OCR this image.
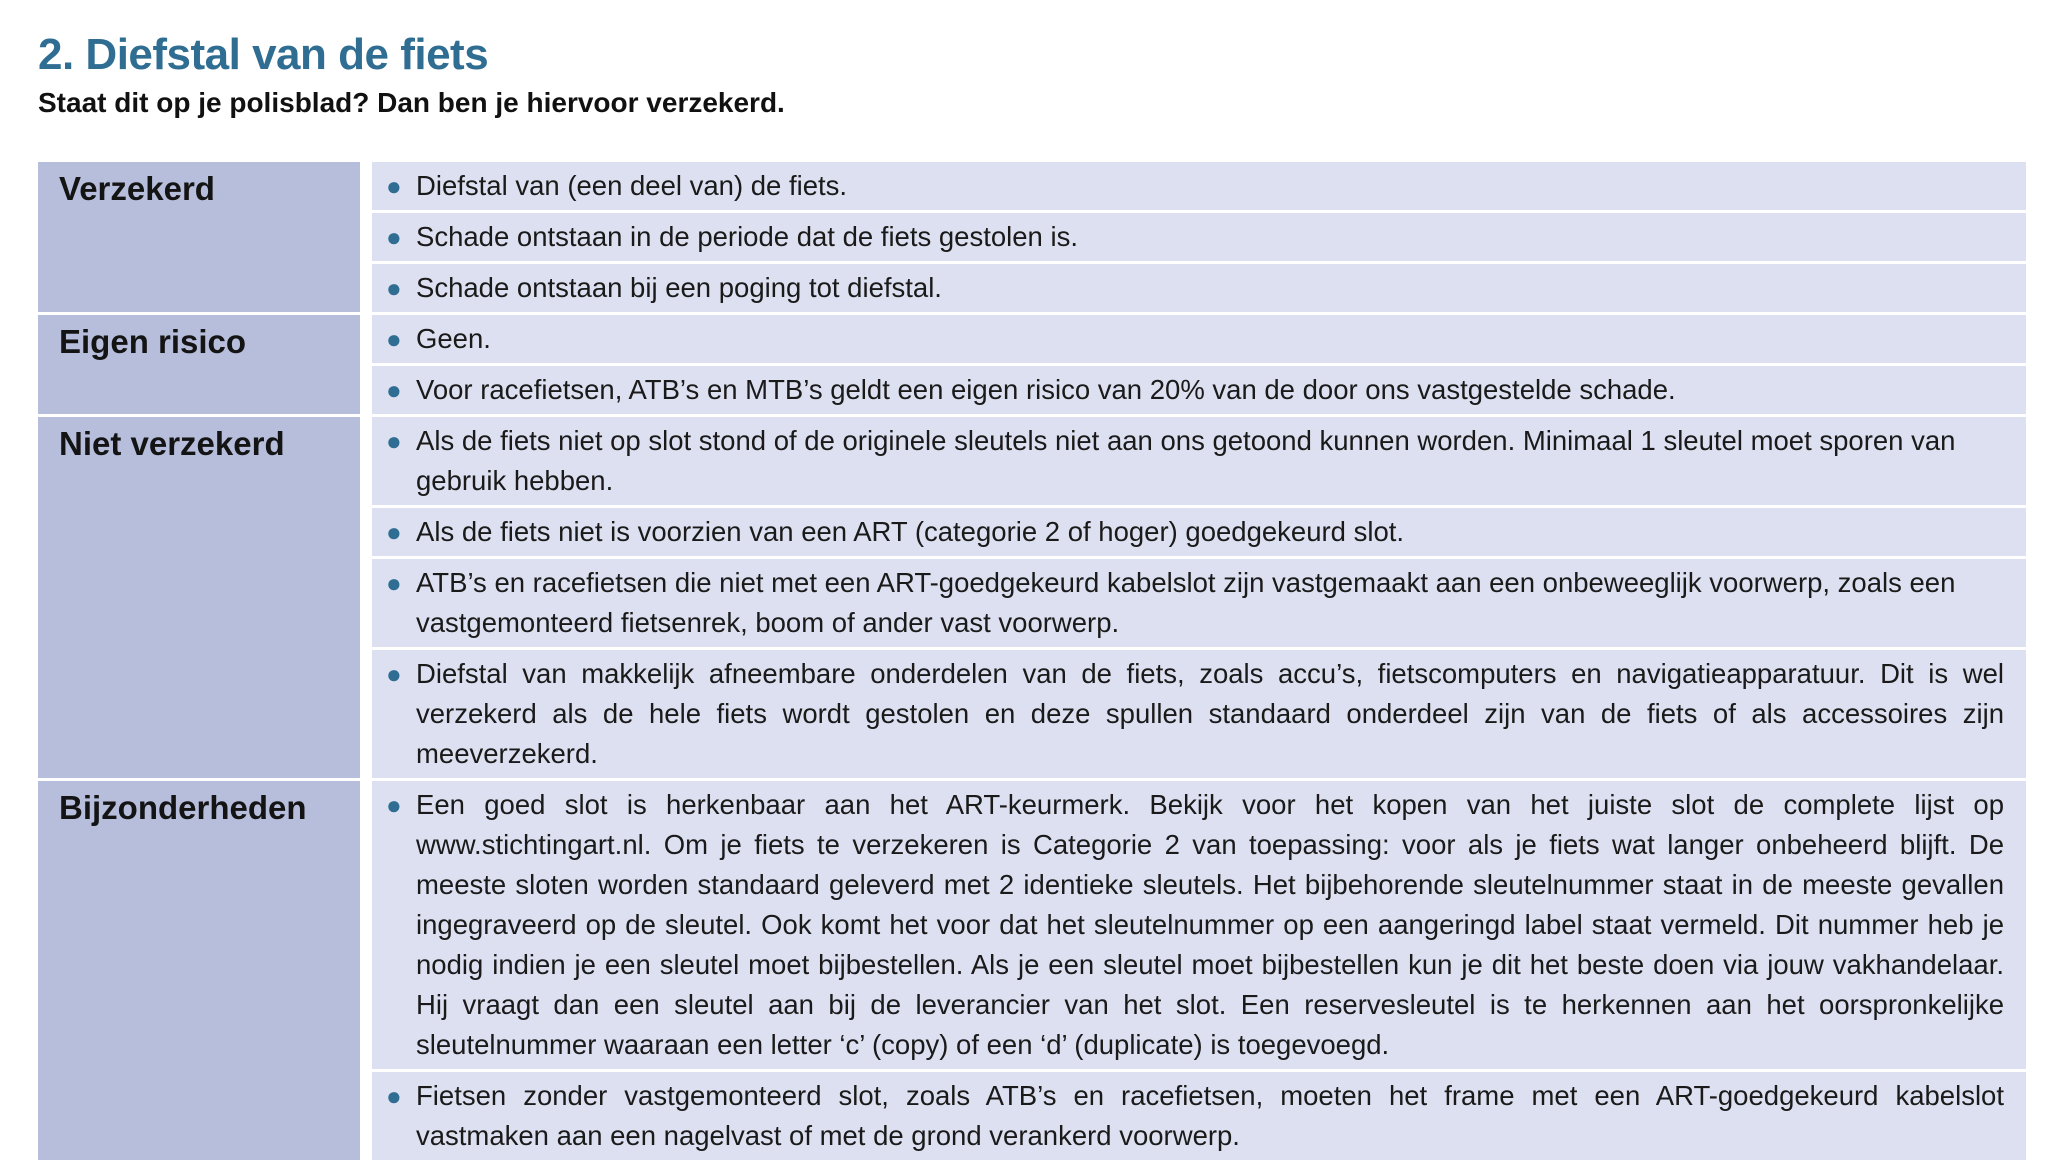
2. Diefstal van de fiets

Staat dit op je polisblad? Dan ben je hiervoor verzekerd.

Verzekerd	● Diefstal van (een deel van) de fiets.
● Schade ontstaan in de periode dat de fiets gestolen is.
● Schade ontstaan bij een poging tot diefstal.
Eigen risico	● Geen.
● Voor racefietsen, ATB’s en MTB’s geldt een eigen risico van 20% van de door ons vastgestelde schade.
Niet verzekerd	● Als de fiets niet op slot stond of de originele sleutels niet aan ons getoond kunnen worden. Minimaal 1 sleutel moet sporen van gebruik hebben.
● Als de fiets niet is voorzien van een ART (categorie 2 of hoger) goedgekeurd slot.
● ATB’s en racefietsen die niet met een ART-goedgekeurd kabelslot zijn vastgemaakt aan een onbeweeglijk voorwerp, zoals een vastgemonteerd fietsenrek, boom of ander vast voorwerp.
● Diefstal van makkelijk afneembare onderdelen van de fiets, zoals accu’s, fietscomputers en navigatieapparatuur. Dit is wel verzekerd als de hele fiets wordt gestolen en deze spullen standaard onderdeel zijn van de fiets of als accessoires zijn meeverzekerd.
Bijzonderheden	● Een goed slot is herkenbaar aan het ART-keurmerk. Bekijk voor het kopen van het juiste slot de complete lijst op www.stichtingart.nl. Om je fiets te verzekeren is Categorie 2 van toepassing: voor als je fiets wat langer onbeheerd blijft. De meeste sloten worden standaard geleverd met 2 identieke sleutels. Het bijbehorende sleutelnummer staat in de meeste gevallen ingegraveerd op de sleutel. Ook komt het voor dat het sleutelnummer op een aangeringd label staat vermeld. Dit nummer heb je nodig indien je een sleutel moet bijbestellen. Als je een sleutel moet bijbestellen kun je dit het beste doen via jouw vakhandelaar. Hij vraagt dan een sleutel aan bij de leverancier van het slot. Een reservesleutel is te herkennen aan het oorspronkelijke sleutelnummer waaraan een letter ‘c’ (copy) of een ‘d’ (duplicate) is toegevoegd.
● Fietsen zonder vastgemonteerd slot, zoals ATB’s en racefietsen, moeten het frame met een ART-goedgekeurd kabelslot vastmaken aan een nagelvast of met de grond verankerd voorwerp.
